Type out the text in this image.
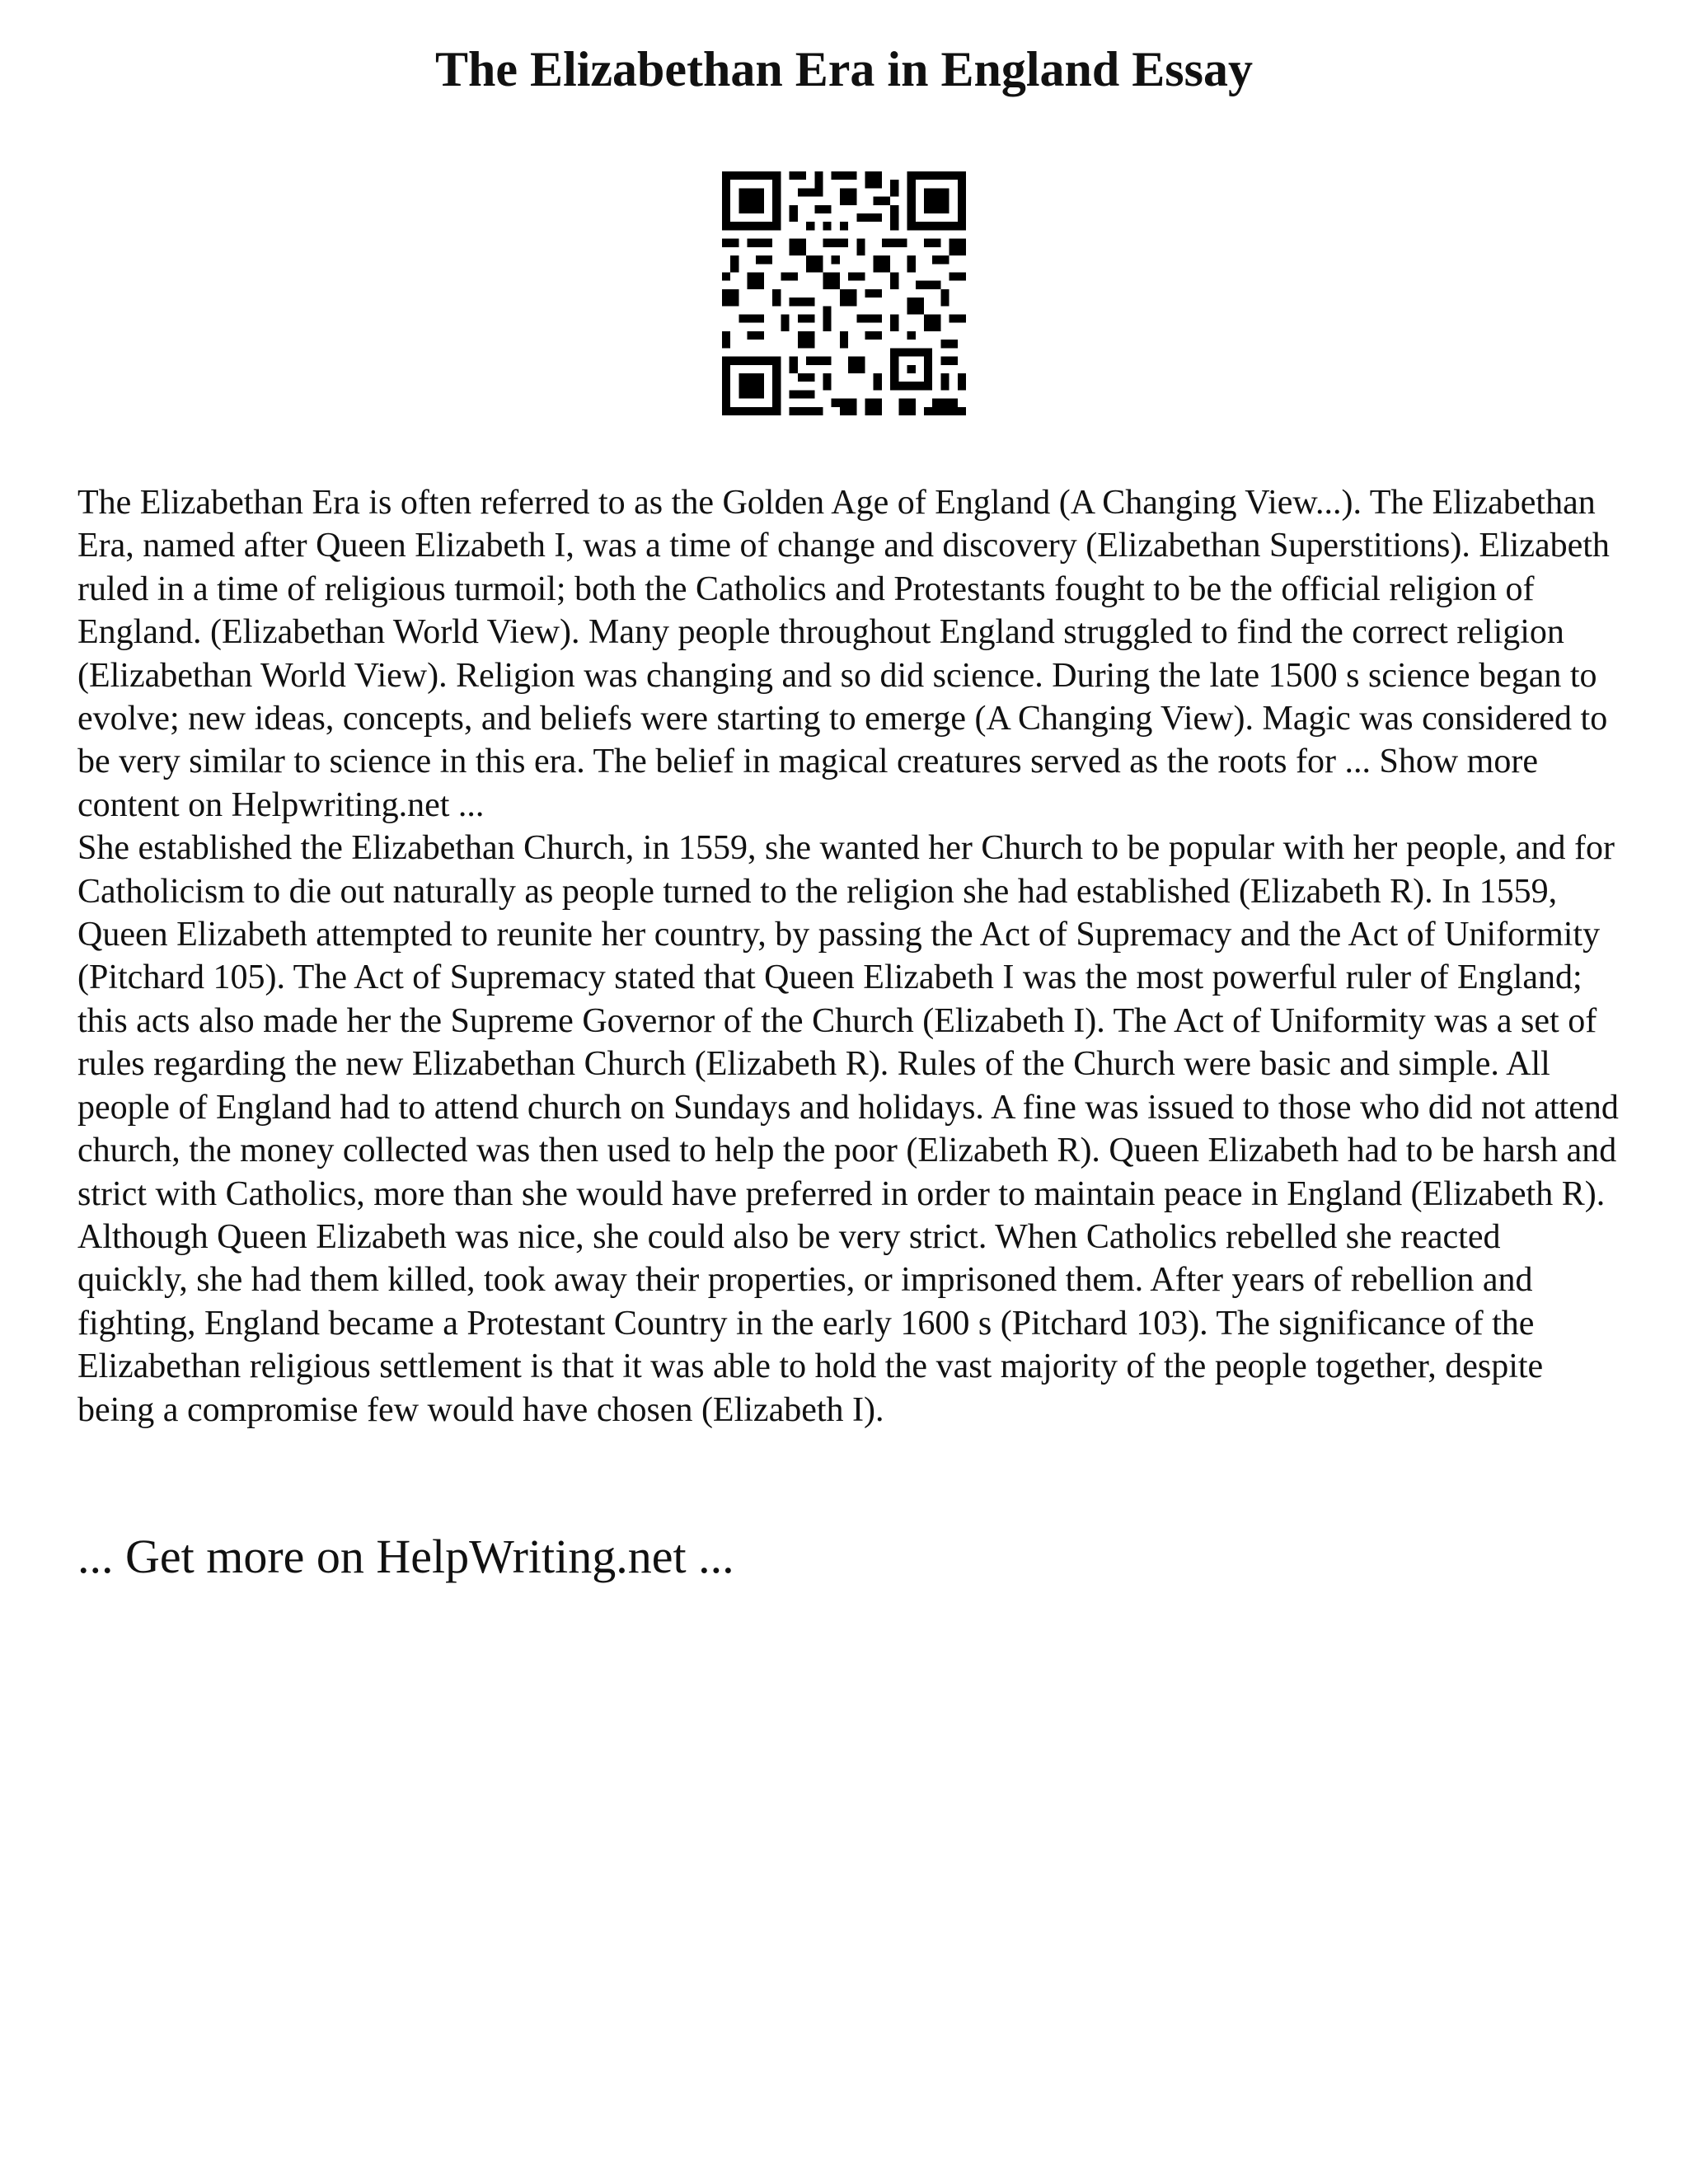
The Elizabethan Era in England Essay

The Elizabethan Era is often referred to as the Golden Age of England (A Changing View...). The Elizabethan Era, named after Queen Elizabeth I, was a time of change and discovery (Elizabethan Superstitions). Elizabeth ruled in a time of religious turmoil; both the Catholics and Protestants fought to be the official religion of England. (Elizabethan World View). Many people throughout England struggled to find the correct religion (Elizabethan World View). Religion was changing and so did science. During the late 1500 s science began to evolve; new ideas, concepts, and beliefs were starting to emerge (A Changing View). Magic was considered to be very similar to science in this era. The belief in magical creatures served as the roots for ... Show more content on Helpwriting.net ...

She established the Elizabethan Church, in 1559, she wanted her Church to be popular with her people, and for Catholicism to die out naturally as people turned to the religion she had established (Elizabeth R). In 1559, Queen Elizabeth attempted to reunite her country, by passing the Act of Supremacy and the Act of Uniformity (Pitchard 105). The Act of Supremacy stated that Queen Elizabeth I was the most powerful ruler of England; this acts also made her the Supreme Governor of the Church (Elizabeth I). The Act of Uniformity was a set of rules regarding the new Elizabethan Church (Elizabeth R). Rules of the Church were basic and simple. All people of England had to attend church on Sundays and holidays. A fine was issued to those who did not attend church, the money collected was then used to help the poor (Elizabeth R). Queen Elizabeth had to be harsh and strict with Catholics, more than she would have preferred in order to maintain peace in England (Elizabeth R). Although Queen Elizabeth was nice, she could also be very strict. When Catholics rebelled she reacted quickly, she had them killed, took away their properties, or imprisoned them. After years of rebellion and fighting, England became a Protestant Country in the early 1600 s (Pitchard 103). The significance of the Elizabethan religious settlement is that it was able to hold the vast majority of the people together, despite being a compromise few would have chosen (Elizabeth I).

... Get more on HelpWriting.net ...
